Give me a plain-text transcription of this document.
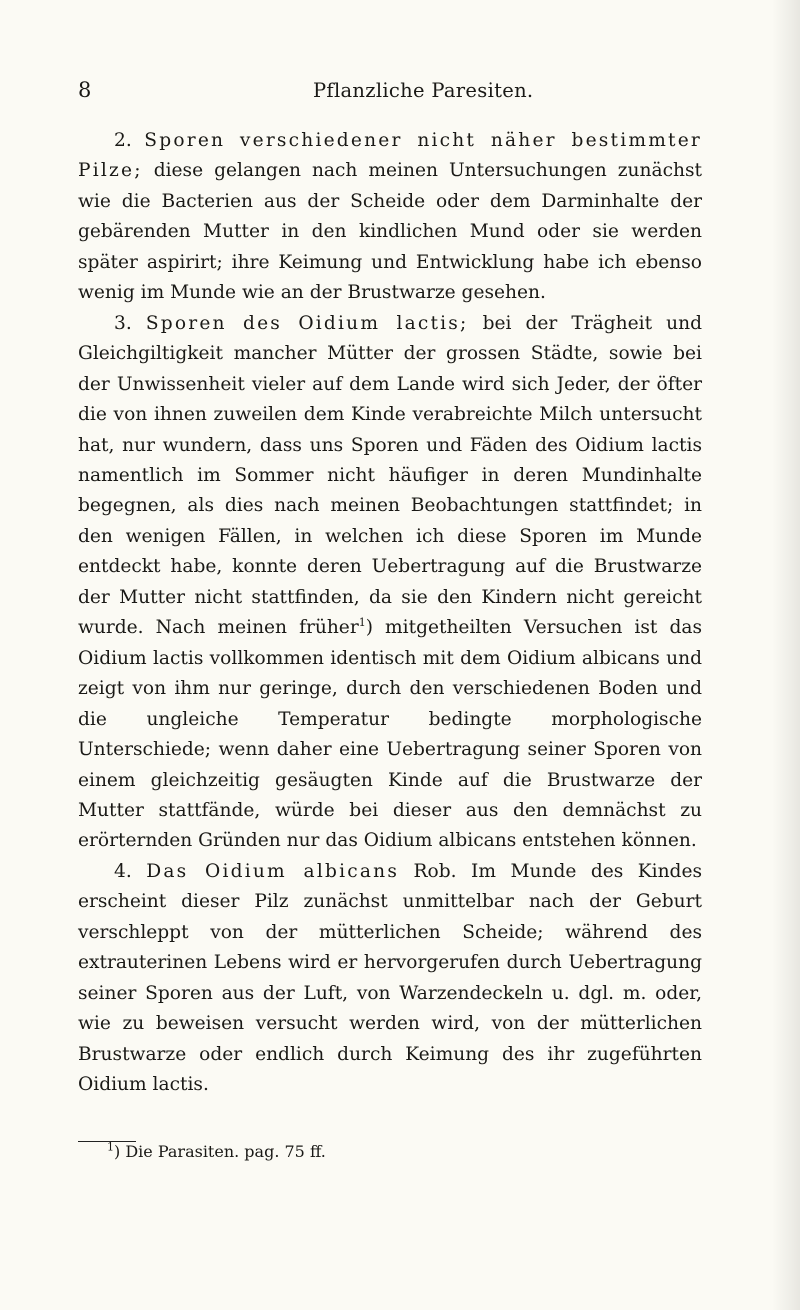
8	Pflanzliche Paresiten.

2. Sporen verschiedener nicht näher bestimmter Pilze; diese gelangen nach meinen Untersuchungen zunächst wie die Bacterien aus der Scheide oder dem Darminhalte der gebärenden Mutter in den kindlichen Mund oder sie werden später aspirirt; ihre Keimung und Entwicklung habe ich ebenso wenig im Munde wie an der Brustwarze gesehen.

3. Sporen des Oidium lactis; bei der Trägheit und Gleichgiltigkeit mancher Mütter der grossen Städte, sowie bei der Unwissenheit vieler auf dem Lande wird sich Jeder, der öfter die von ihnen zuweilen dem Kinde verabreichte Milch untersucht hat, nur wundern, dass uns Sporen und Fäden des Oidium lactis namentlich im Sommer nicht häufiger in deren Mundinhalte begegnen, als dies nach meinen Beobachtungen stattfindet; in den wenigen Fällen, in welchen ich diese Sporen im Munde entdeckt habe, konnte deren Uebertragung auf die Brustwarze der Mutter nicht stattfinden, da sie den Kindern nicht gereicht wurde. Nach meinen früher$^1$) mitgetheilten Versuchen ist das Oidium lactis vollkommen identisch mit dem Oidium albicans und zeigt von ihm nur geringe, durch den verschiedenen Boden und die ungleiche Temperatur bedingte morphologische Unterschiede; wenn daher eine Uebertragung seiner Sporen von einem gleichzeitig gesäugten Kinde auf die Brustwarze der Mutter stattfände, würde bei dieser aus den demnächst zu erörternden Gründen nur das Oidium albicans entstehen können.

4. Das Oidium albicans Rob. Im Munde des Kindes erscheint dieser Pilz zunächst unmittelbar nach der Geburt verschleppt von der mütterlichen Scheide; während des extrauterinen Lebens wird er hervorgerufen durch Uebertragung seiner Sporen aus der Luft, von Warzendeckeln u. dgl. m. oder, wie zu beweisen versucht werden wird, von der mütterlichen Brustwarze oder endlich durch Keimung des ihr zugeführten Oidium lactis.

$^1$) Die Parasiten. pag. 75 ff.
